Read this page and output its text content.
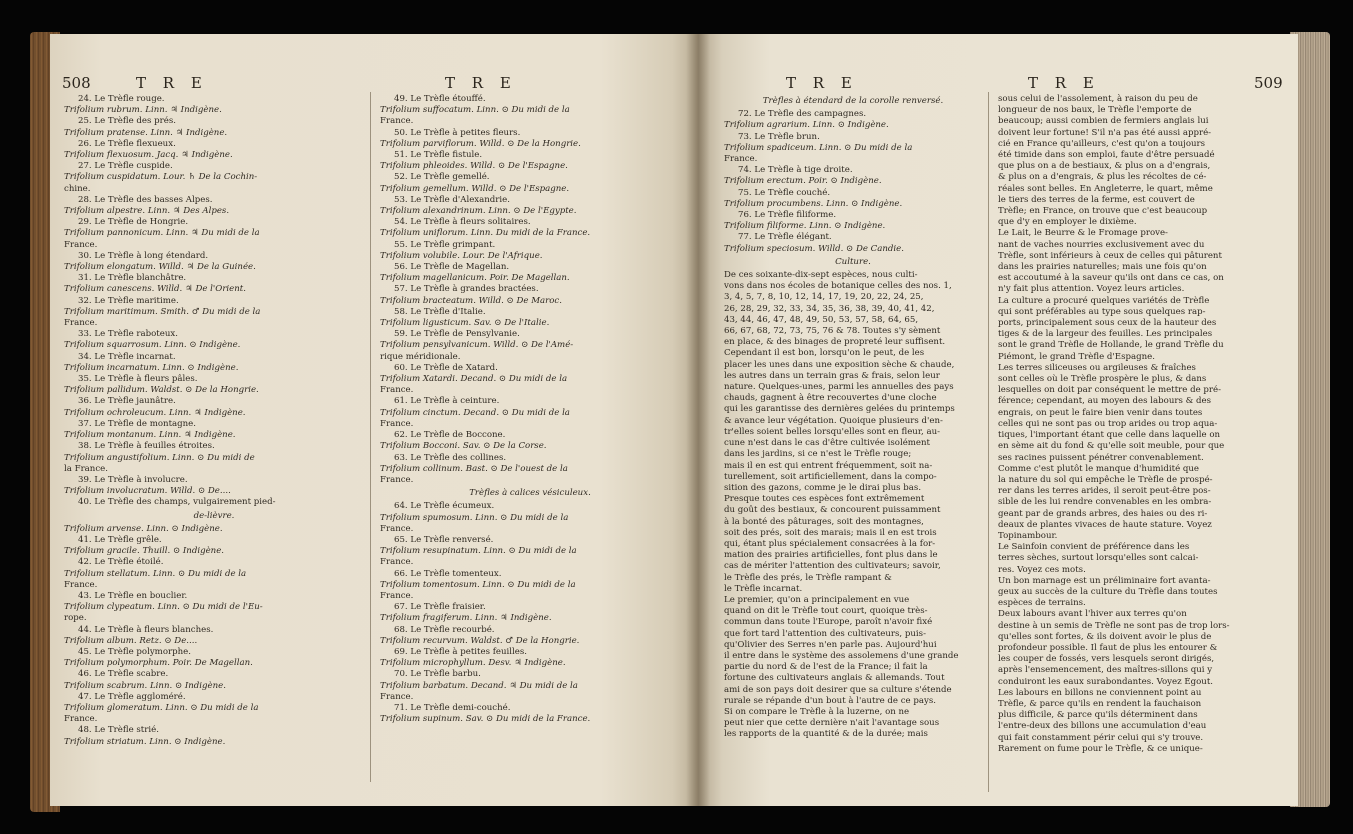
508	T R E	T R E
24. Le Trèfle rouge.
Trifolium rubrum. Linn. ♃ Indigène.
25. Le Trèfle des prés.
Trifolium pratense. Linn. ♃ Indigène.
26. Le Trèfle flexueux.
Trifolium flexuosum. Jacq. ♃ Indigène.
27. Le Trèfle cuspide.
Trifolium cuspidatum. Lour. ♄ De la Cochin-
chine.
28. Le Trèfle des basses Alpes.
Trifolium alpestre. Linn. ♃ Des Alpes.
29. Le Trèfle de Hongrie.
Trifolium pannonicum. Linn. ♃ Du midi de la
France.
30. Le Trèfle à long étendard.
Trifolium elongatum. Willd. ♃ De la Guinée.
31. Le Trèfle blanchâtre.
Trifolium canescens. Willd. ♃ De l'Orient.
32. Le Trèfle maritime.
Trifolium maritimum. Smith. ♂ Du midi de la
France.
33. Le Trèfle raboteux.
Trifolium squarrosum. Linn. ⊙ Indigène.
34. Le Trèfle incarnat.
Trifolium incarnatum. Linn. ⊙ Indigène.
35. Le Trèfle à fleurs pâles.
Trifolium pallidum. Waldst. ⊙ De la Hongrie.
36. Le Trèfle jaunâtre.
Trifolium ochroleucum. Linn. ♃ Indigène.
37. Le Trèfle de montagne.
Trifolium montanum. Linn. ♃ Indigène.
38. Le Trèfle à feuilles étroites.
Trifolium angustifolium. Linn. ⊙ Du midi de
la France.
39. Le Trèfle à involucre.
Trifolium involucratum. Willd. ⊙ De....
40. Le Trèfle des champs, vulgairement pied-
de-lièvre.
Trifolium arvense. Linn. ⊙ Indigène.
41. Le Trèfle grêle.
Trifolium gracile. Thuill. ⊙ Indigène.
42. Le Trèfle étoilé.
Trifolium stellatum. Linn. ⊙ Du midi de la
France.
43. Le Trèfle en bouclier.
Trifolium clypeatum. Linn. ⊙ Du midi de l'Eu-
rope.
44. Le Trèfle à fleurs blanches.
Trifolium album. Retz. ⊙ De....
45. Le Trèfle polymorphe.
Trifolium polymorphum. Poir. De Magellan.
46. Le Trèfle scabre.
Trifolium scabrum. Linn. ⊙ Indigène.
47. Le Trèfle aggloméré.
Trifolium glomeratum. Linn. ⊙ Du midi de la
France.
48. Le Trèfle strié.
Trifolium striatum. Linn. ⊙ Indigène.
49. Le Trèfle étouffé.
Trifolium suffocatum. Linn. ⊙ Du midi de la
France.
50. Le Trèfle à petites fleurs.
Trifolium parviflorum. Willd. ⊙ De la Hongrie.
51. Le Trèfle fistule.
Trifolium phleoides. Willd. ⊙ De l'Espagne.
52. Le Trèfle gemellé.
Trifolium gemellum. Willd. ⊙ De l'Espagne.
53. Le Trèfle d'Alexandrie.
Trifolium alexandrinum. Linn. ⊙ De l'Égypte.
54. Le Trèfle à fleurs solitaires.
Trifolium uniflorum. Linn. Du midi de la France.
55. Le Trèfle grimpant.
Trifolium volubile. Lour. De l'Afrique.
56. Le Trèfle de Magellan.
Trifolium magellanicum. Poir. De Magellan.
57. Le Trèfle à grandes bractées.
Trifolium bracteatum. Willd. ⊙ De Maroc.
58. Le Trèfle d'Italie.
Trifolium ligusticum. Sav. ⊙ De l'Italie.
59. Le Trèfle de Pensylvanie.
Trifolium pensylvanicum. Willd. ⊙ De l'Amé-
rique méridionale.
60. Le Trèfle de Xatard.
Trifolium Xatardi. Decand. ⊙ Du midi de la
France.
61. Le Trèfle à ceinture.
Trifolium cinctum. Decand. ⊙ Du midi de la
France.
62. Le Trèfle de Boccone.
Trifolium Bocconi. Sav. ⊙ De la Corse.
63. Le Trèfle des collines.
Trifolium collinum. Bast. ⊙ De l'ouest de la
France.
Trèfles à calices vésiculeux.
64. Le Trèfle écumeux.
Trifolium spumosum. Linn. ⊙ Du midi de la
France.
65. Le Trèfle renversé.
Trifolium resupinatum. Linn. ⊙ Du midi de la
France.
66. Le Trèfle tomenteux.
Trifolium tomentosum. Linn. ⊙ Du midi de la
France.
67. Le Trèfle fraisier.
Trifolium fragiferum. Linn. ♃ Indigène.
68. Le Trèfle recourbé.
Trifolium recurvum. Waldst. ♂ De la Hongrie.
69. Le Trèfle à petites feuilles.
Trifolium microphyllum. Desv. ♃ Indigène.
70. Le Trèfle barbu.
Trifolium barbatum. Decand. ♃ Du midi de la
France.
71. Le Trèfle demi-couché.
Trifolium supinum. Sav. ⊙ Du midi de la France.
T R E	T R E	509
Trèfles à étendard de la corolle renversé.
72. Le Trèfle des campagnes.
Trifolium agrarium. Linn. ⊙ Indigène.
73. Le Trèfle brun.
Trifolium spadiceum. Linn. ⊙ Du midi de la
France.
74. Le Trèfle à tige droite.
Trifolium erectum. Poir. ⊙ Indigène.
75. Le Trèfle couché.
Trifolium procumbens. Linn. ⊙ Indigène.
76. Le Trèfle filiforme.
Trifolium filiforme. Linn. ⊙ Indigène.
77. Le Trèfle élégant.
Trifolium speciosum. Willd. ⊙ De Candie.
Culture.
De ces soixante-dix-sept espèces, nous culti-
vons dans nos écoles de botanique celles des nos. 1,
3, 4, 5, 7, 8, 10, 12, 14, 17, 19, 20, 22, 24, 25,
26, 28, 29, 32, 33, 34, 35, 36, 38, 39, 40, 41, 42,
43, 44, 46, 47, 48, 49, 50, 53, 57, 58, 64, 65,
66, 67, 68, 72, 73, 75, 76 & 78. Toutes s'y sèment
en place, & des binages de propreté leur suffisent.
Cependant il est bon, lorsqu'on le peut, de les
placer les unes dans une exposition sèche & chaude,
les autres dans un terrain gras & frais, selon leur
nature. Quelques-unes, parmi les annuelles des pays
chauds, gagnent à être recouvertes d'une cloche
qui les garantisse des dernières gelées du printemps
& avance leur végétation. Quoique plusieurs d'en-
tr'elles soient belles lorsqu'elles sont en fleur, au-
cune n'est dans le cas d'être cultivée isolément
dans les jardins, si ce n'est le Trèfle rouge;
mais il en est qui entrent fréquemment, soit na-
turellement, soit artificiellement, dans la compo-
sition des gazons, comme je le dirai plus bas.
Presque toutes ces espèces font extrêmement
du goût des bestiaux, & concourent puissamment
à la bonté des pâturages, soit des montagnes,
soit des prés, soit des marais; mais il en est trois
qui, étant plus spécialement consacrées à la for-
mation des prairies artificielles, font plus dans le
cas de mériter l'attention des cultivateurs; savoir,
le Trèfle des prés, le Trèfle rampant &
le Trèfle incarnat.
Le premier, qu'on a principalement en vue
quand on dit le Trèfle tout court, quoique très-
commun dans toute l'Europe, paroît n'avoir fixé
que fort tard l'attention des cultivateurs, puis-
qu'Olivier des Serres n'en parle pas. Aujourd'hui
il entre dans le système des assolemens d'une grande
partie du nord & de l'est de la France; il fait la
fortune des cultivateurs anglais & allemands. Tout
ami de son pays doit desirer que sa culture s'étende
rurale se répande d'un bout à l'autre de ce pays.
Si on compare le Trèfle à la luzerne, on ne
peut nier que cette dernière n'ait l'avantage sous
les rapports de la quantité & de la durée; mais
sous celui de l'assolement, à raison du peu de
longueur de nos baux, le Trèfle l'emporte de
beaucoup; aussi combien de fermiers anglais lui
doivent leur fortune! S'il n'a pas été aussi appré-
cié en France qu'ailleurs, c'est qu'on a toujours
été timide dans son emploi, faute d'être persuadé
que plus on a de bestiaux, & plus on a d'engrais,
& plus on a d'engrais, & plus les récoltes de cé-
réales sont belles. En Angleterre, le quart, même
le tiers des terres de la ferme, est couvert de
Trèfle; en France, on trouve que c'est beaucoup
que d'y en employer le dixième.
Le Lait, le Beurre & le Fromage prove-
nant de vaches nourries exclusivement avec du
Trèfle, sont inférieurs à ceux de celles qui pâturent
dans les prairies naturelles; mais une fois qu'on
est accoutumé à la saveur qu'ils ont dans ce cas, on
n'y fait plus attention. Voyez leurs articles.
La culture a procuré quelques variétés de Trèfle
qui sont préférables au type sous quelques rap-
ports, principalement sous ceux de la hauteur des
tiges & de la largeur des feuilles. Les principales
sont le grand Trèfle de Hollande, le grand Trèfle du
Piémont, le grand Trèfle d'Espagne.
Les terres siliceuses ou argileuses & fraîches
sont celles où le Trèfle prospère le plus, & dans
lesquelles on doit par conséquent le mettre de pré-
férence; cependant, au moyen des labours & des
engrais, on peut le faire bien venir dans toutes
celles qui ne sont pas ou trop arides ou trop aqua-
tiques, l'important étant que celle dans laquelle on
en sème ait du fond & qu'elle soit meuble, pour que
ses racines puissent pénétrer convenablement.
Comme c'est plutôt le manque d'humidité que
la nature du sol qui empêche le Trèfle de prospé-
rer dans les terres arides, il seroit peut-être pos-
sible de les lui rendre convenables en les ombra-
geant par de grands arbres, des haies ou des ri-
deaux de plantes vivaces de haute stature. Voyez
Topinambour.
Le Sainfoin convient de préférence dans les
terres sèches, surtout lorsqu'elles sont calcai-
res. Voyez ces mots.
Un bon marnage est un préliminaire fort avanta-
geux au succès de la culture du Trèfle dans toutes
espèces de terrains.
Deux labours avant l'hiver aux terres qu'on
destine à un semis de Trèfle ne sont pas de trop lors-
qu'elles sont fortes, & ils doivent avoir le plus de
profondeur possible. Il faut de plus les entourer &
les couper de fossés, vers lesquels seront dirigés,
après l'ensemencement, des maîtres-sillons qui y
conduiront les eaux surabondantes. Voyez Égout.
Les labours en billons ne conviennent point au
Trèfle, & parce qu'ils en rendent la fauchaison
plus difficile, & parce qu'ils déterminent dans
l'entre-deux des billons une accumulation d'eau
qui fait constamment périr celui qui s'y trouve.
Rarement on fume pour le Trèfle, & ce unique-
